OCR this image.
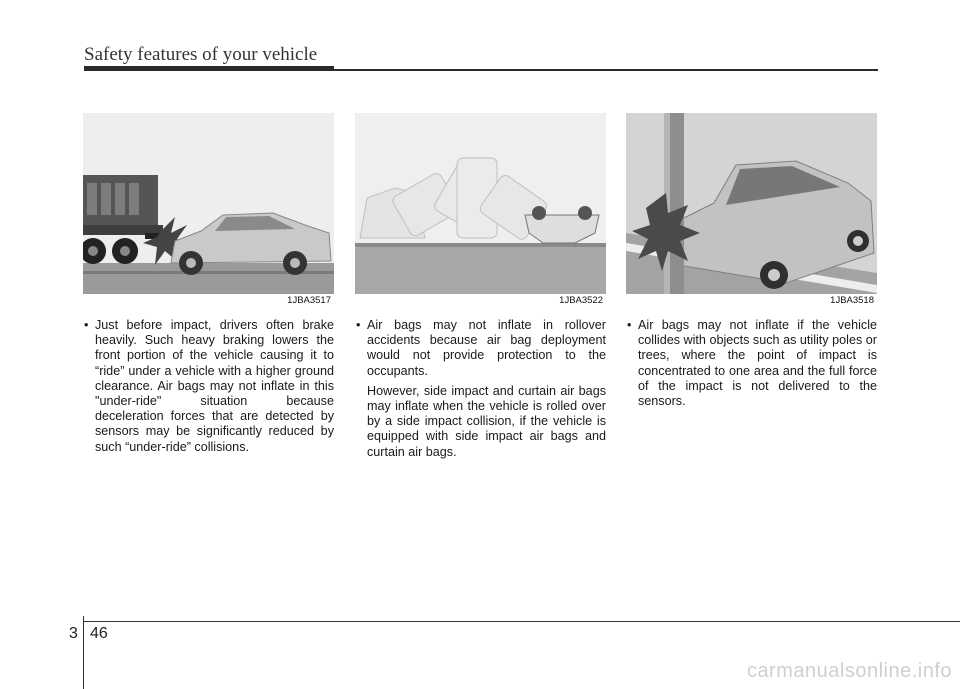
Safety features of your vehicle
1JBA3517	1JBA3522	1JBA3518

• Just before impact, drivers often brake heavily. Such heavy braking lowers the front portion of the vehicle causing it to “ride” under a vehicle with a higher ground clearance. Air bags may not inflate in this "under-ride" situation because deceleration forces that are detected by sensors may be significantly reduced by such “under-ride” collisions.

• Air bags may not inflate in rollover accidents because air bag deployment would not provide protection to the occupants.

However, side impact and curtain air bags may inflate when the vehicle is rolled over by a side impact collision, if the vehicle is equipped with side impact air bags and curtain air bags.

• Air bags may not inflate if the vehicle collides with objects such as utility poles or trees, where the point of impact is concentrated to one area and the full force of the impact is not delivered to the sensors.

3 46
carmanualsonline.info
